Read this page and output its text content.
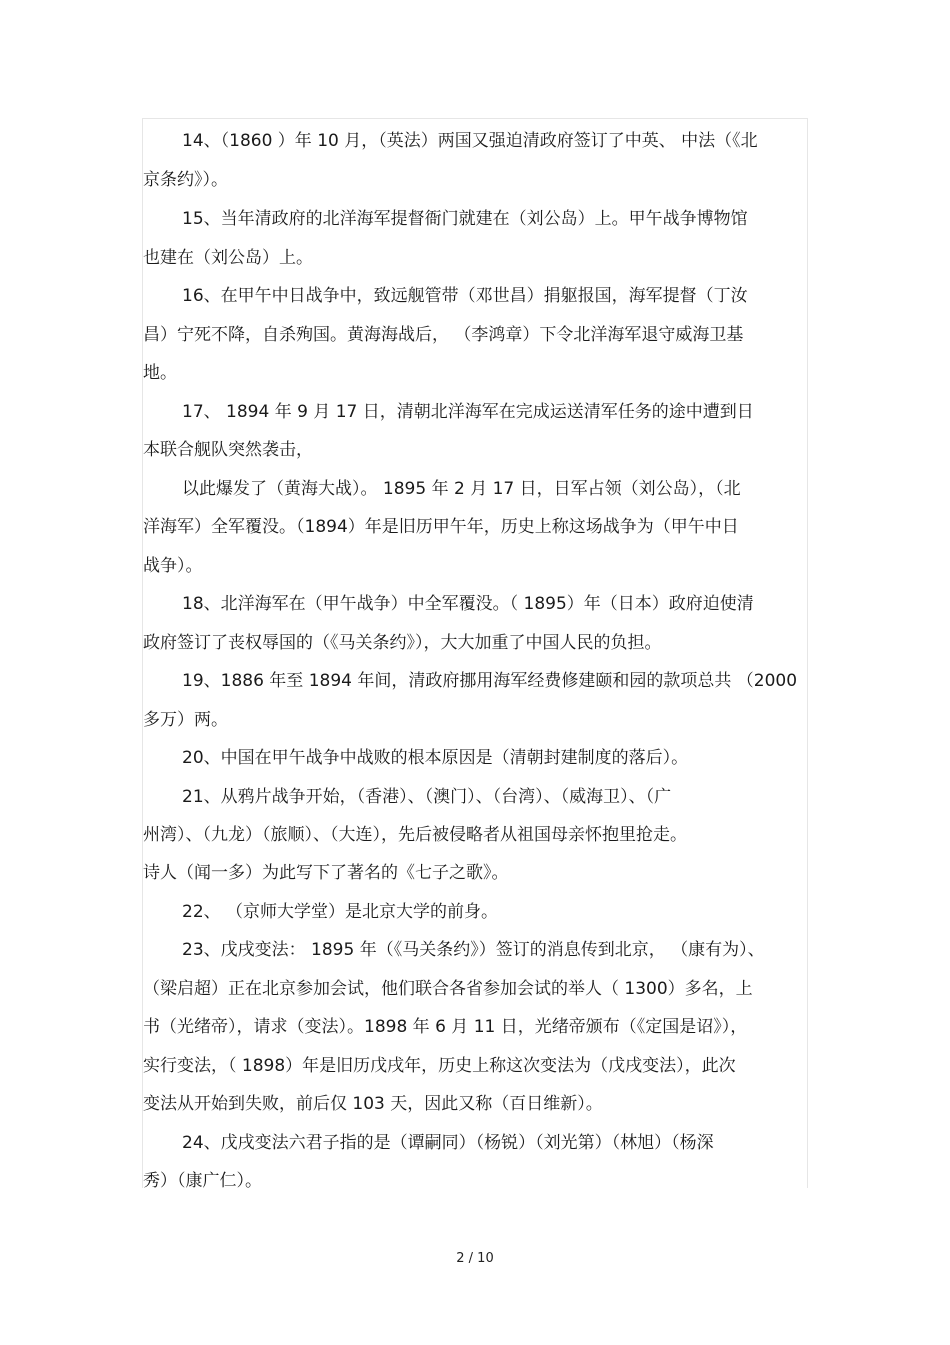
14、（1860 ）年 10 月，（英法）两国又强迫清政府签订了中英、 中法（《北
京条约》）。
15、当年清政府的北洋海军提督衙门就建在（刘公岛）上。甲午战争博物馆
也建在（刘公岛）上。
16、在甲午中日战争中，致远舰管带（邓世昌）捐躯报国，海军提督（丁汝
昌）宁死不降，自杀殉国。黄海海战后， （李鸿章）下令北洋海军退守威海卫基
地。
17、 1894 年 9 月 17 日，清朝北洋海军在完成运送清军任务的途中遭到日
本联合舰队突然袭击，
以此爆发了（黄海大战）。 1895 年 2 月 17 日，日军占领（刘公岛），（北
洋海军）全军覆没。（1894）年是旧历甲午年，历史上称这场战争为（甲午中日
战争）。
18、北洋海军在（甲午战争）中全军覆没。（ 1895）年（日本）政府迫使清
政府签订了丧权辱国的（《马关条约》），大大加重了中国人民的负担。
19、1886 年至 1894 年间，清政府挪用海军经费修建颐和园的款项总共 （2000
多万）两。
20、中国在甲午战争中战败的根本原因是（清朝封建制度的落后）。
21、从鸦片战争开始，（香港）、（澳门）、（台湾）、（威海卫）、（广
州湾）、（九龙）（旅顺）、（大连），先后被侵略者从祖国母亲怀抱里抢走。
诗人（闻一多）为此写下了著名的《七子之歌》。
22、 （京师大学堂）是北京大学的前身。
23、戊戌变法： 1895 年（《马关条约》）签订的消息传到北京， （康有为）、
（梁启超）正在北京参加会试，他们联合各省参加会试的举人（ 1300）多名，上
书（光绪帝），请求（变法）。1898 年 6 月 11 日，光绪帝颁布（《定国是诏》），
实行变法，（ 1898）年是旧历戊戌年，历史上称这次变法为（戊戌变法），此次
变法从开始到失败，前后仅 103 天，因此又称（百日维新）。
24、戊戌变法六君子指的是（谭嗣同）（杨锐）（刘光第）（林旭）（杨深
秀）（康广仁）。
2 / 10
